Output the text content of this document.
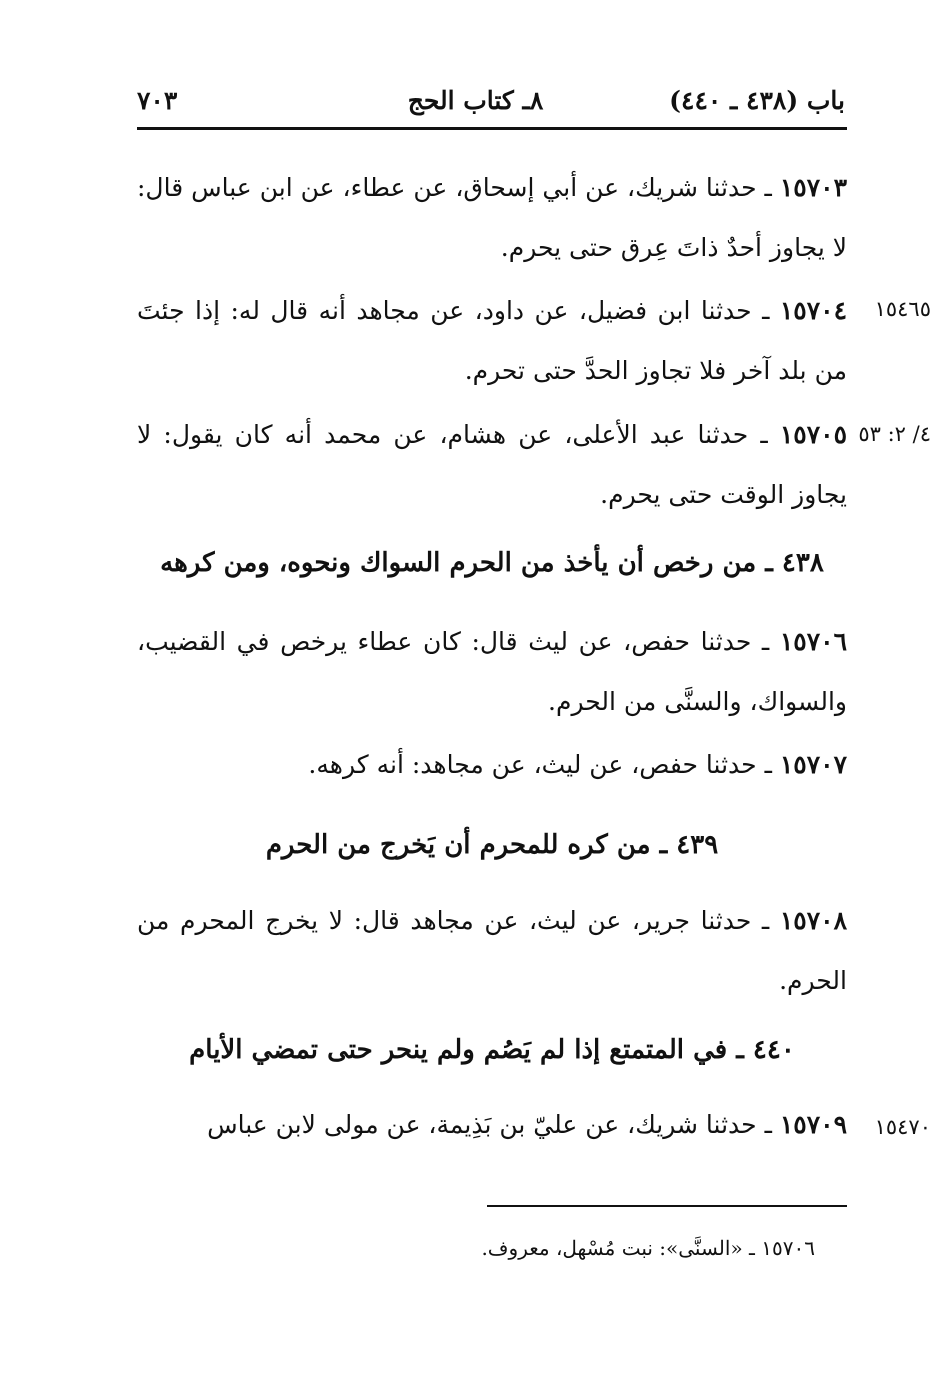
باب (٤٣٨ ـ ٤٤٠)
٨ـ كتاب الحج
٧٠٣
١٥٧٠٣ ـ حدثنا شريك، عن أبي إسحاق، عن عطاء، عن ابن عباس قال: لا يجاوز أحدٌ ذاتَ عِرق حتى يحرم.
١٥٤٦٥
١٥٧٠٤ ـ حدثنا ابن فضيل، عن داود، عن مجاهد أنه قال له: إذا جئتَ من بلد آخر فلا تجاوز الحدَّ حتى تحرم.
٤/ ٢: ٥٣
١٥٧٠٥ ـ حدثنا عبد الأعلى، عن هشام، عن محمد أنه كان يقول: لا يجاوز الوقت حتى يحرم.
٤٣٨ ـ من رخص أن يأخذ من الحرم السواك ونحوه، ومن كرهه
١٥٧٠٦ ـ حدثنا حفص، عن ليث قال: كان عطاء يرخص في القضيب، والسواك، والسنَّى من الحرم.
١٥٧٠٧ ـ حدثنا حفص، عن ليث، عن مجاهد: أنه كرهه.
٤٣٩ ـ من كره للمحرم أن يَخرج من الحرم
١٥٧٠٨ ـ حدثنا جرير، عن ليث، عن مجاهد قال: لا يخرج المحرم من الحرم.
٤٤٠ ـ في المتمتع إذا لم يَصُم ولم ينحر حتى تمضي الأيام
١٥٤٧٠
١٥٧٠٩ ـ حدثنا شريك، عن عليّ بن بَذِيمة، عن مولى لابن عباس
١٥٧٠٦ ـ «السنَّى»: نبت مُسْهل، معروف.
